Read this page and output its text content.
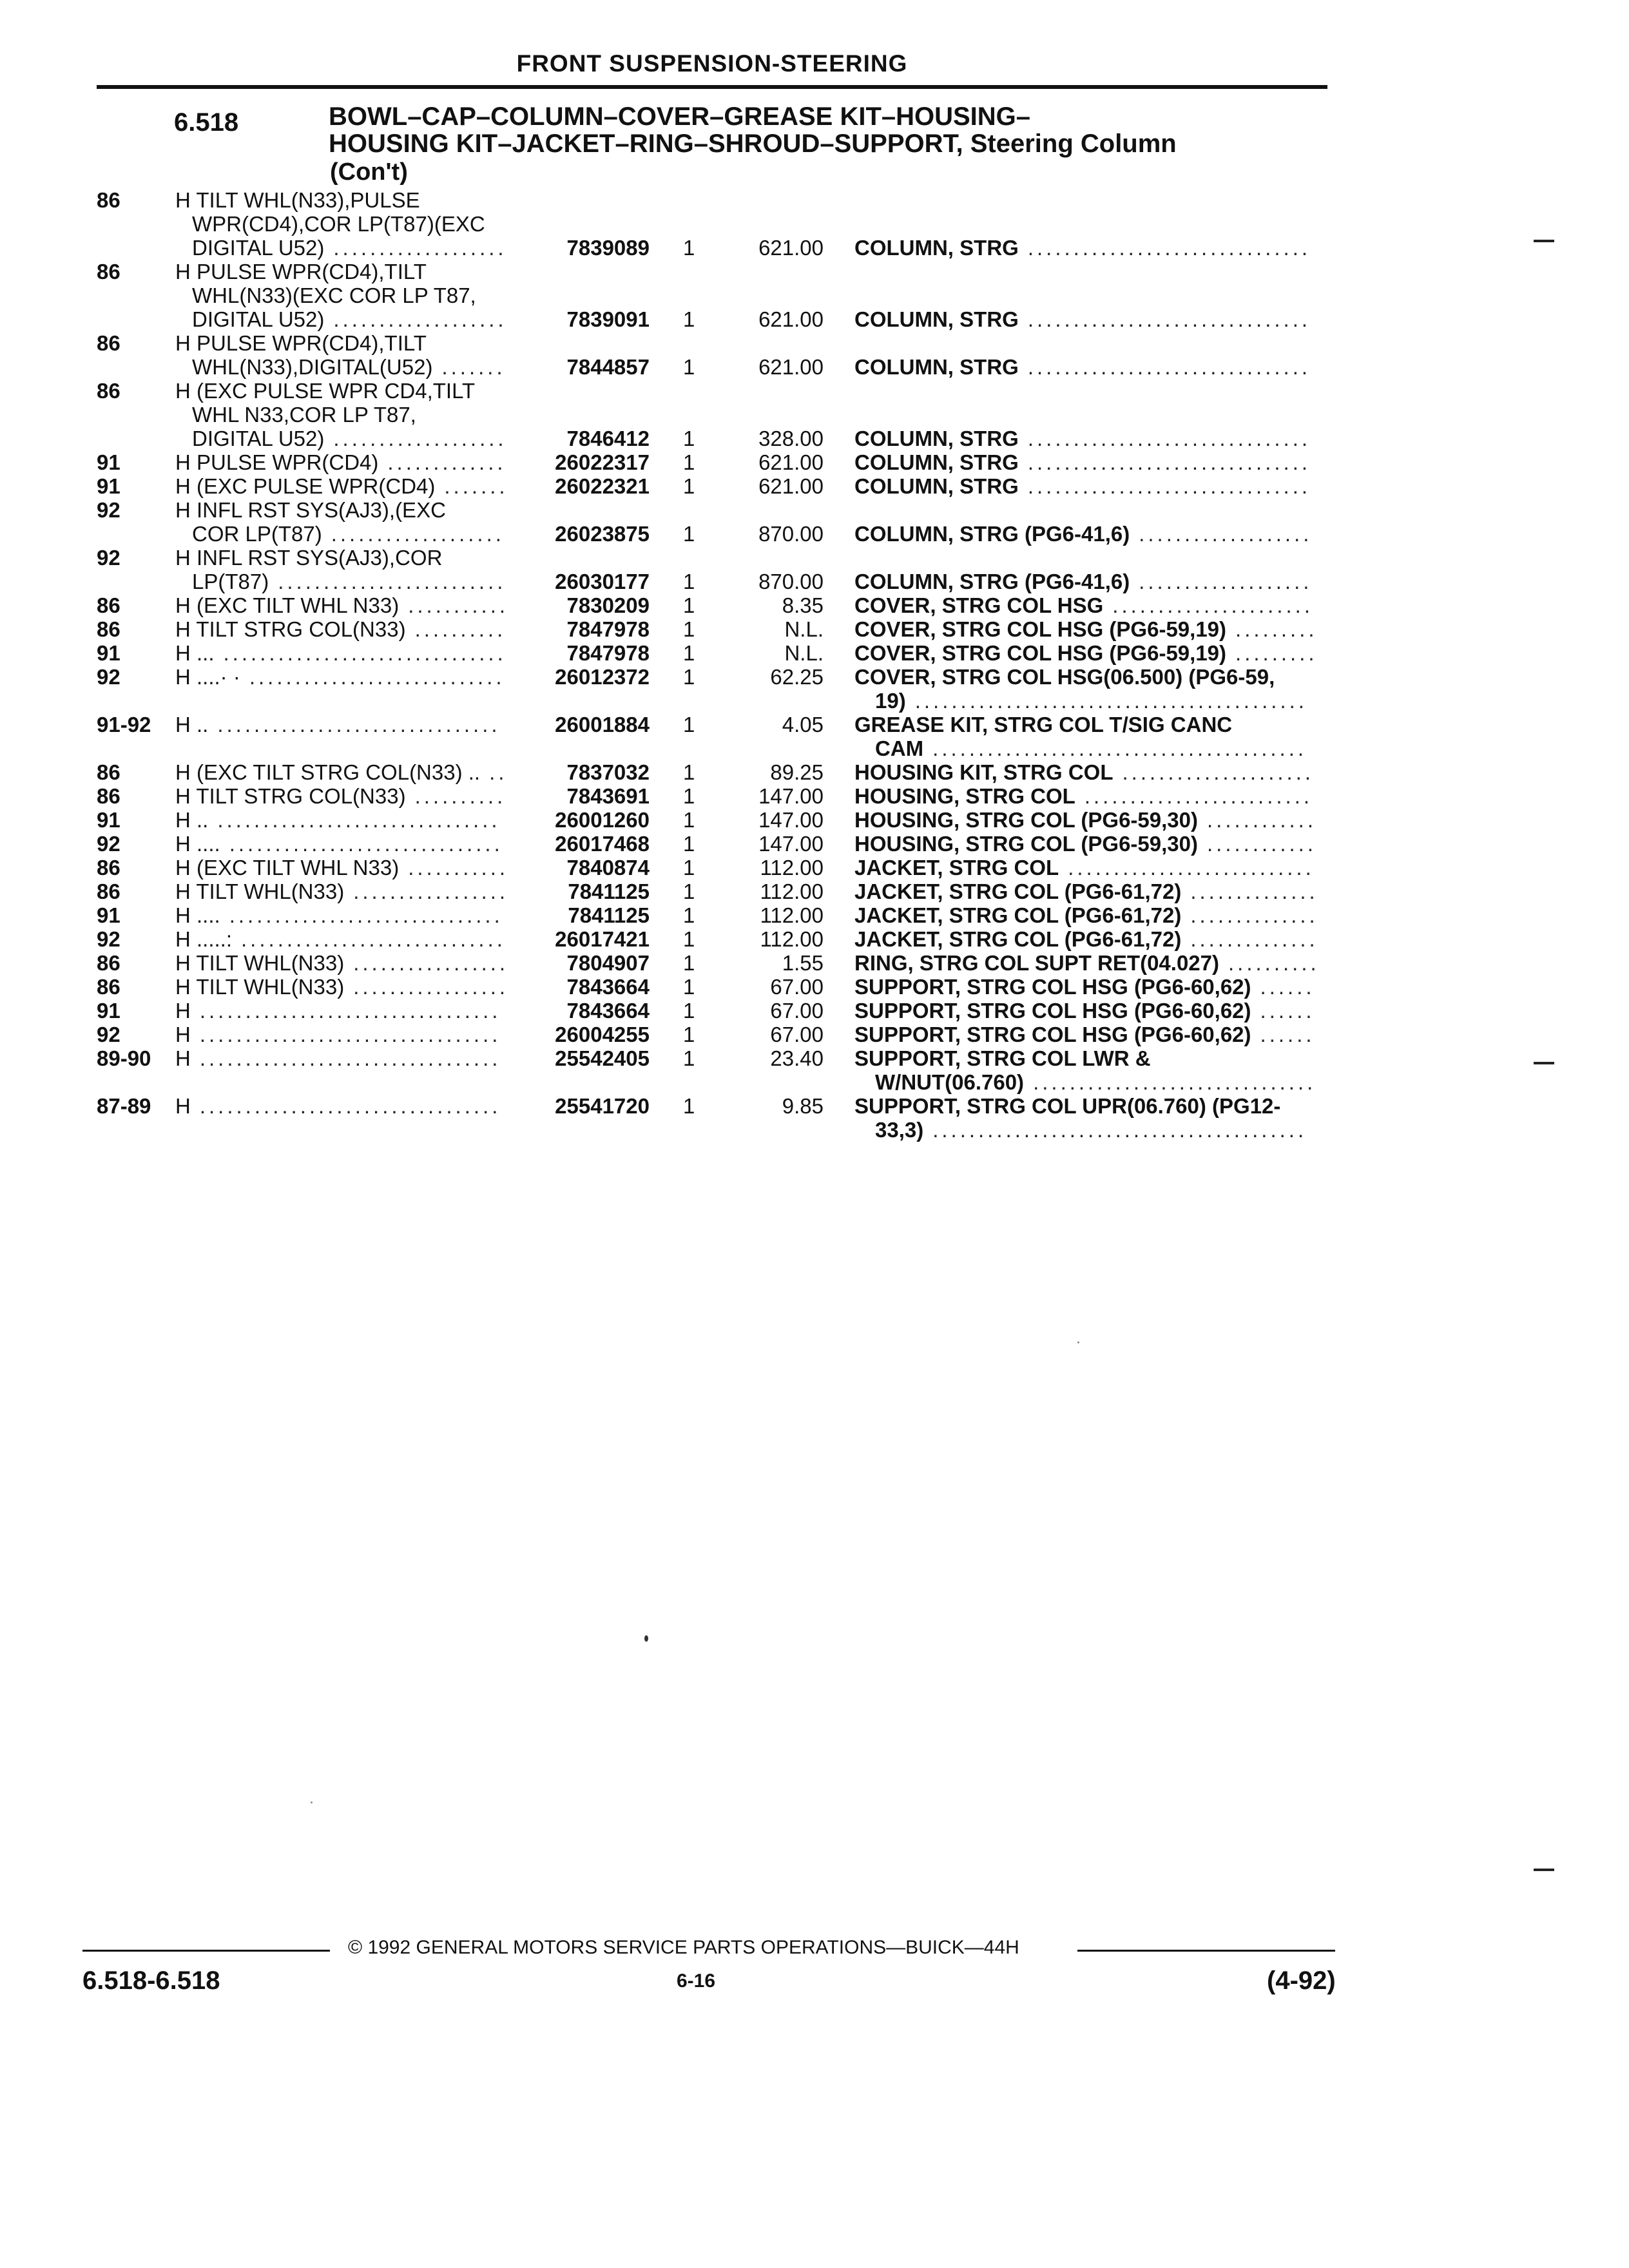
FRONT SUSPENSION-STEERING
6.518	BOWL–CAP–COLUMN–COVER–GREASE KIT–HOUSING–
HOUSING KIT–JACKET–RING–SHROUD–SUPPORT, Steering Column
(Con't)
86	H TILT WHL(N33),PULSE
WPR(CD4),COR LP(T87)(EXC
DIGITAL U52) ...................	7839089 1	621.00 COLUMN, STRG ...............................
86	H PULSE WPR(CD4),TILT
WHL(N33)(EXC COR LP T87,
DIGITAL U52) ...................	7839091 1	621.00 COLUMN, STRG ...............................
86	H PULSE WPR(CD4),TILT
WHL(N33),DIGITAL(U52) .......	7844857 1	621.00 COLUMN, STRG ...............................
86	H (EXC PULSE WPR CD4,TILT
WHL N33,COR LP T87,
DIGITAL U52) ...................	7846412 1	328.00 COLUMN, STRG ...............................
91	H PULSE WPR(CD4) .............	26022317 1	621.00 COLUMN, STRG ...............................
91	H (EXC PULSE WPR(CD4) .......	26022321 1	621.00 COLUMN, STRG ...............................
92	H INFL RST SYS(AJ3),(EXC
COR LP(T87) ...................	26023875 1	870.00 COLUMN, STRG (PG6-41,6) ...................
92	H INFL RST SYS(AJ3),COR
LP(T87) .........................	26030177 1	870.00 COLUMN, STRG (PG6-41,6) ...................
86	H (EXC TILT WHL N33) ...........	7830209 1	8.35 COVER, STRG COL HSG ......................
86	H TILT STRG COL(N33) ..........	7847978 1	N.L. COVER, STRG COL HSG (PG6-59,19) .........
91	H ... ...............................	7847978 1	N.L. COVER, STRG COL HSG (PG6-59,19) .........
92	H ....· · ............................	26012372 1	62.25 COVER, STRG COL HSG(06.500) (PG6-59,
19) ...........................................
91-92 H .. ...............................	26001884 1	4.05 GREASE KIT, STRG COL T/SIG CANC
CAM .........................................
86	H (EXC TILT STRG COL(N33) .. ..	7837032 1	89.25 HOUSING KIT, STRG COL .....................
86	H TILT STRG COL(N33) ..........	7843691 1	147.00 HOUSING, STRG COL .........................
91	H .. ...............................	26001260 1	147.00 HOUSING, STRG COL (PG6-59,30) ............
92	H .... ..............................	26017468 1	147.00 HOUSING, STRG COL (PG6-59,30) ............
86	H (EXC TILT WHL N33) ...........	7840874 1	112.00 JACKET, STRG COL ...........................
86	H TILT WHL(N33) .................	7841125 1	112.00 JACKET, STRG COL (PG6-61,72) ..............
91	H .... ..............................	7841125 1	112.00 JACKET, STRG COL (PG6-61,72) ..............
92	H .....: .............................	26017421 1	112.00 JACKET, STRG COL (PG6-61,72) ..............
86	H TILT WHL(N33) .................	7804907 1	1.55 RING, STRG COL SUPT RET(04.027) ..........
86	H TILT WHL(N33) .................	7843664 1	67.00 SUPPORT, STRG COL HSG (PG6-60,62) ......
91	H .................................	7843664 1	67.00 SUPPORT, STRG COL HSG (PG6-60,62) ......
92	H .................................	26004255 1	67.00 SUPPORT, STRG COL HSG (PG6-60,62) ......
89-90 H .................................	25542405 1	23.40 SUPPORT, STRG COL LWR &
W/NUT(06.760) ...............................
87-89 H .................................	25541720 1	9.85 SUPPORT, STRG COL UPR(06.760) (PG12-
33,3) .........................................
© 1992 GENERAL MOTORS SERVICE PARTS OPERATIONS—BUICK—44H
6.518-6.518	6-16	(4-92)
